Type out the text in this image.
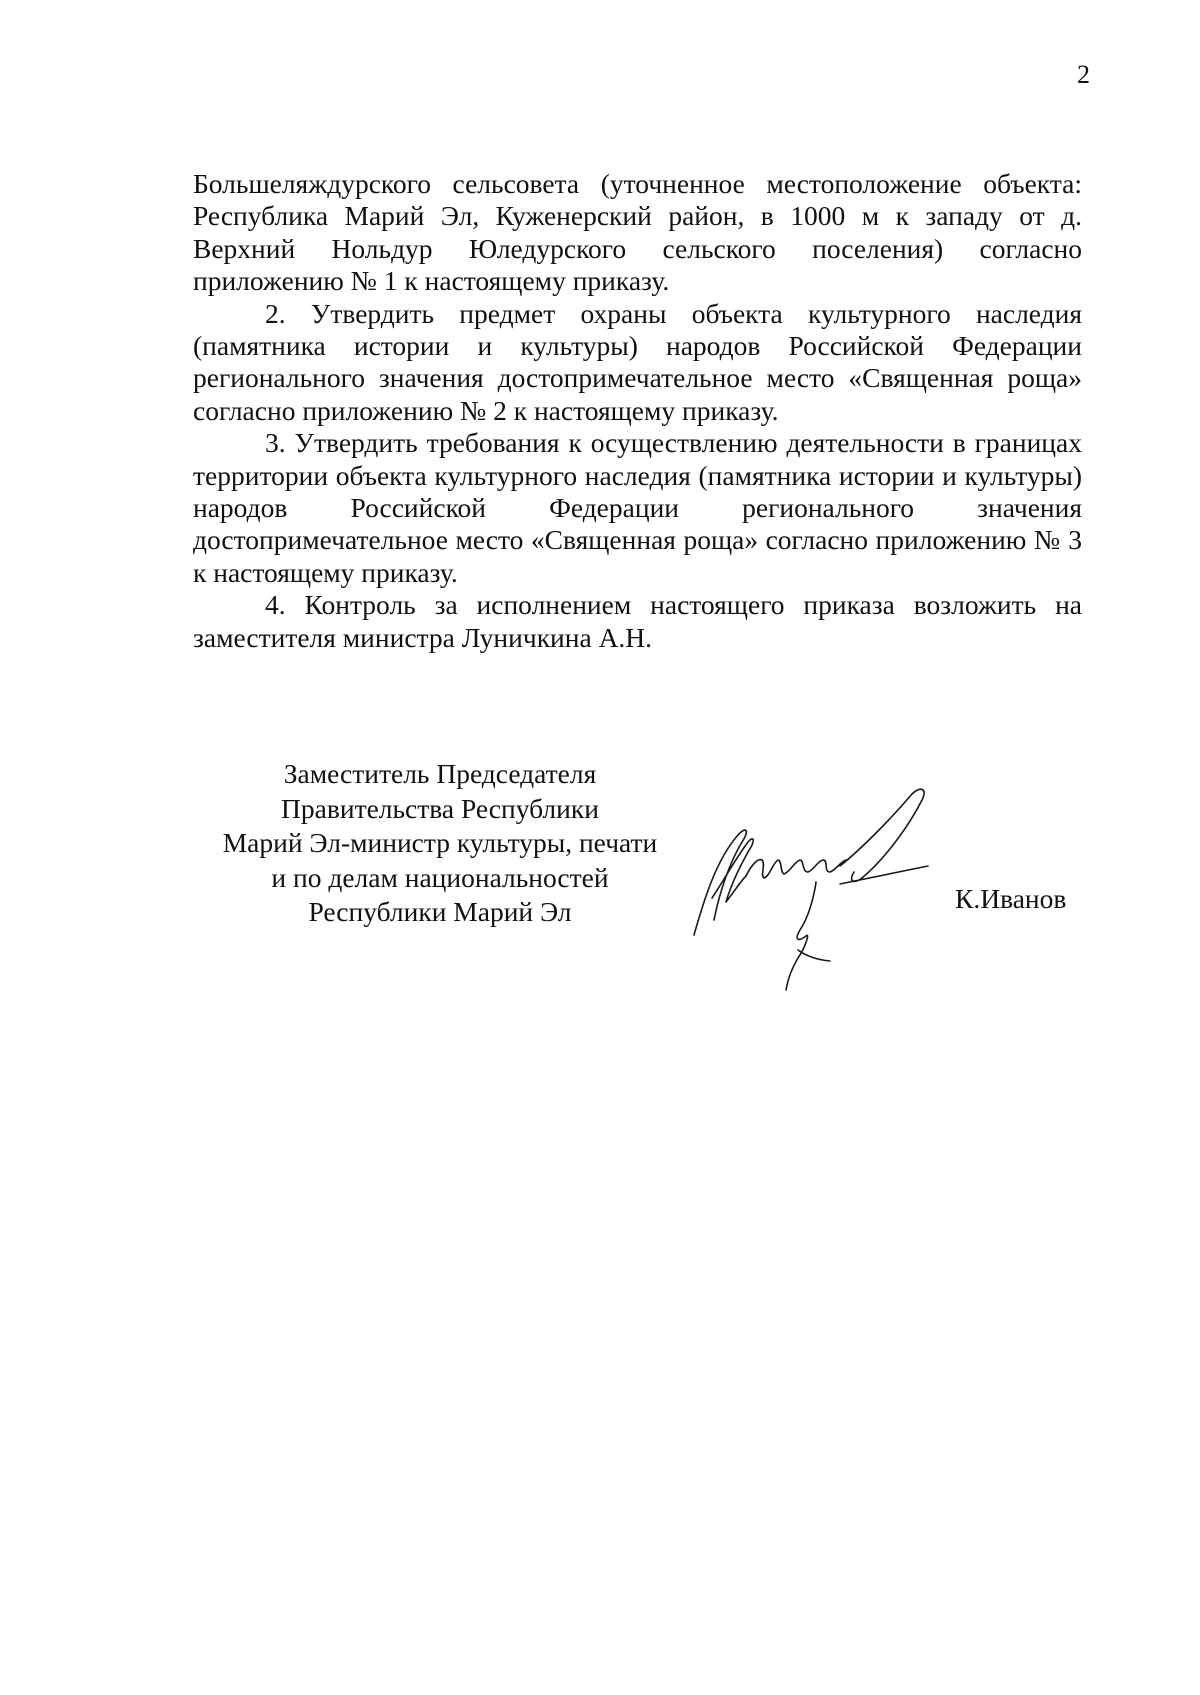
2

Большеляждурского сельсовета (уточненное местоположение объекта: Республика Марий Эл, Куженерский район, в 1000 м к западу от д. Верхний Нольдур Юледурского сельского поселения) согласно приложению № 1 к настоящему приказу.

2. Утвердить предмет охраны объекта культурного наследия (памятника истории и культуры) народов Российской Федерации регионального значения достопримечательное место «Священная роща» согласно приложению № 2 к настоящему приказу.

3. Утвердить требования к осуществлению деятельности в границах территории объекта культурного наследия (памятника истории и культуры) народов Российской Федерации регионального значения достопримечательное место «Священная роща» согласно приложению № 3 к настоящему приказу.

4. Контроль за исполнением настоящего приказа возложить на заместителя министра Луничкина А.Н.

Заместитель Председателя
Правительства Республики
Марий Эл-министр культуры, печати
и по делам национальностей
Республики Марий Эл	К.Иванов
